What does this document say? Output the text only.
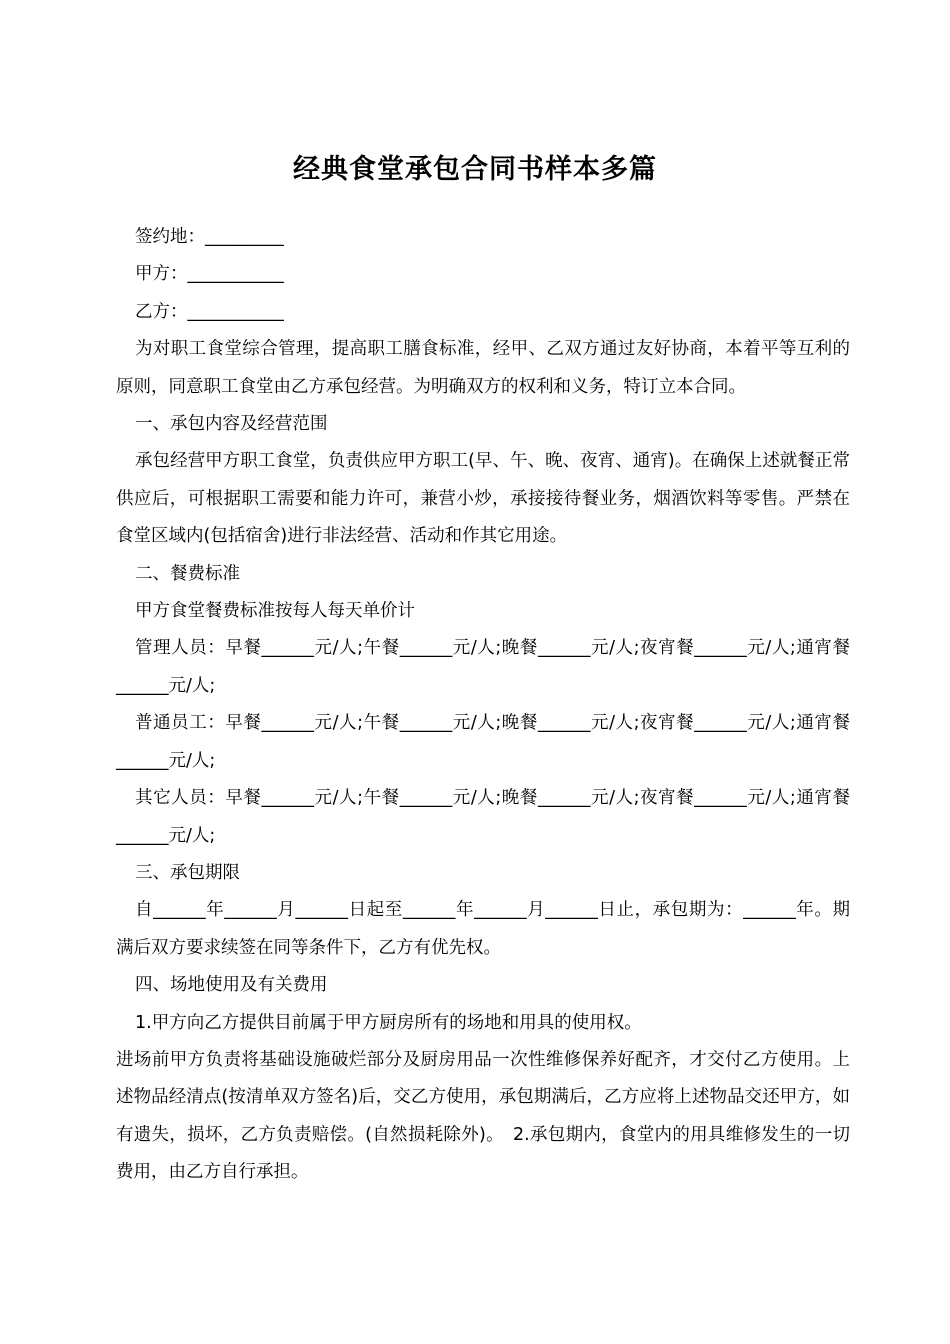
经典食堂承包合同书样本多篇

签约地：_________

甲方：___________

乙方：___________

为对职工食堂综合管理，提高职工膳食标准，经甲、乙双方通过友好协商，本着平等互利的原则，同意职工食堂由乙方承包经营。为明确双方的权利和义务，特订立本合同。

一、承包内容及经营范围

承包经营甲方职工食堂，负责供应甲方职工(早、午、晚、夜宵、通宵)。在确保上述就餐正常供应后，可根据职工需要和能力许可，兼营小炒，承接接待餐业务，烟酒饮料等零售。严禁在食堂区域内(包括宿舍)进行非法经营、活动和作其它用途。

二、餐费标准

甲方食堂餐费标准按每人每天单价计

管理人员：早餐______元/人;午餐______元/人;晚餐______元/人;夜宵餐______元/人;通宵餐______元/人;

普通员工：早餐______元/人;午餐______元/人;晚餐______元/人;夜宵餐______元/人;通宵餐______元/人;

其它人员：早餐______元/人;午餐______元/人;晚餐______元/人;夜宵餐______元/人;通宵餐______元/人;

三、承包期限

自______年______月______日起至______年______月______日止，承包期为：______年。期满后双方要求续签在同等条件下，乙方有优先权。

四、场地使用及有关费用

1.甲方向乙方提供目前属于甲方厨房所有的场地和用具的使用权。

进场前甲方负责将基础设施破烂部分及厨房用品一次性维修保养好配齐，才交付乙方使用。上述物品经清点(按清单双方签名)后，交乙方使用，承包期满后，乙方应将上述物品交还甲方，如有遗失，损坏，乙方负责赔偿。(自然损耗除外)。　2.承包期内，食堂内的用具维修发生的一切费用，由乙方自行承担。
